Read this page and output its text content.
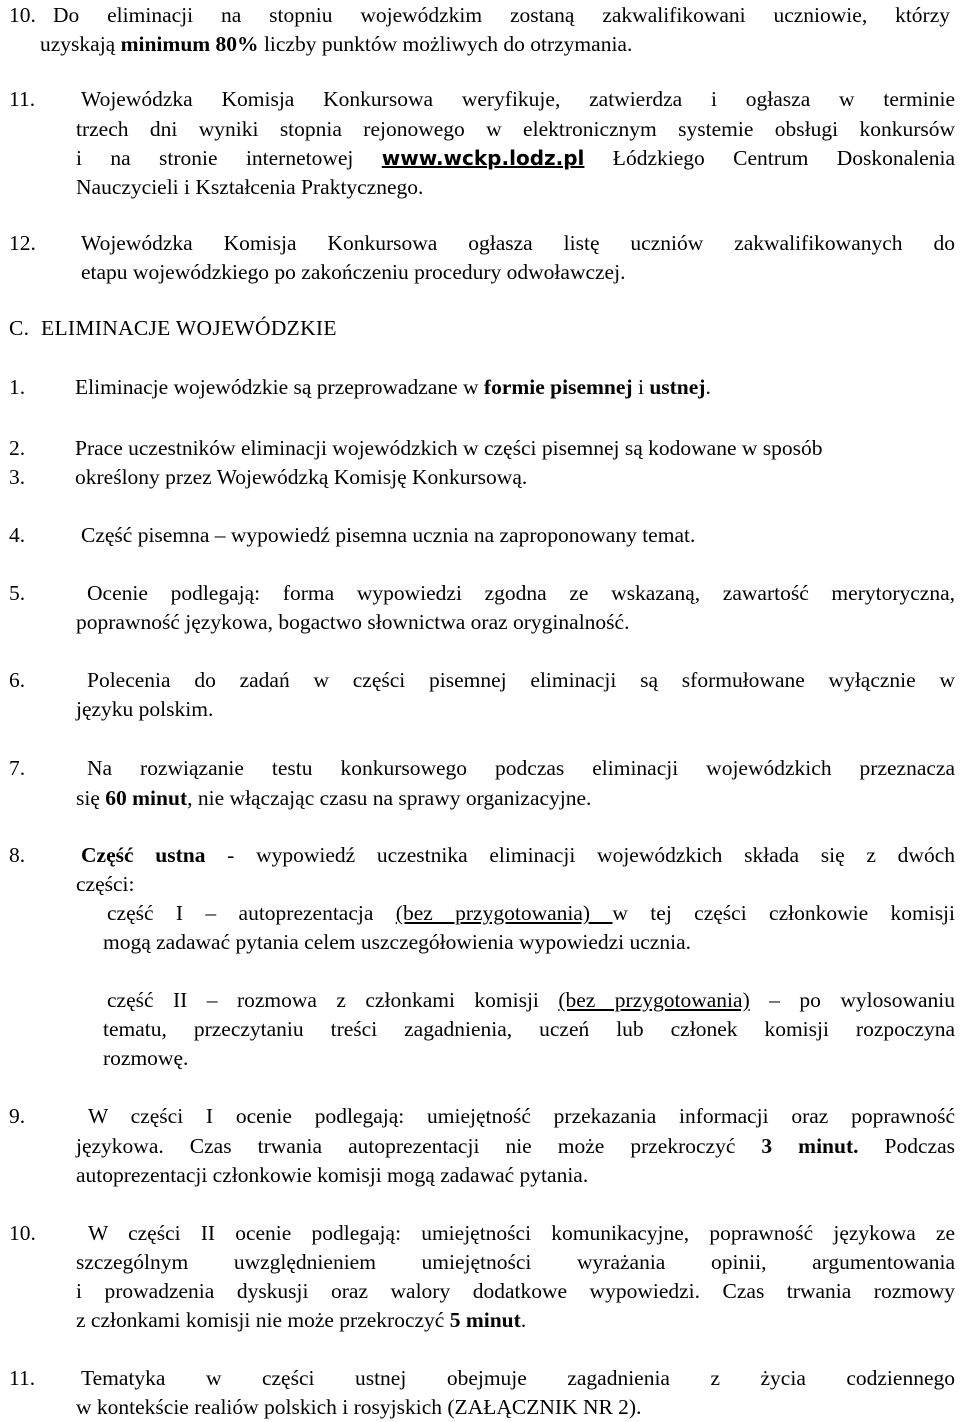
10. Do eliminacji na stopniu wojewódzkim zostaną zakwalifikowani uczniowie, którzy
uzyskają minimum 80% liczby punktów możliwych do otrzymania.
11. Wojewódzka Komisja Konkursowa weryfikuje, zatwierdza i ogłasza w terminie
trzech dni wyniki stopnia rejonowego w elektronicznym systemie obsługi konkursów
i na stronie internetowej www.wckp.lodz.pl Łódzkiego Centrum Doskonalenia
Nauczycieli i Kształcenia Praktycznego.
12. Wojewódzka Komisja Konkursowa ogłasza listę uczniów zakwalifikowanych do
etapu wojewódzkiego po zakończeniu procedury odwoławczej.
C. ELIMINACJE WOJEWÓDZKIE
1. Eliminacje wojewódzkie są przeprowadzane w formie pisemnej i ustnej.
2. Prace uczestników eliminacji wojewódzkich w części pisemnej są kodowane w sposób
3. określony przez Wojewódzką Komisję Konkursową.
4.	Część pisemna – wypowiedź pisemna ucznia na zaproponowany temat.
5.	Ocenie podlegają: forma wypowiedzi zgodna ze wskazaną, zawartość merytoryczna,
poprawność językowa, bogactwo słownictwa oraz oryginalność.
6.	Polecenia do zadań w części pisemnej eliminacji są sformułowane wyłącznie w
języku polskim.
7.	Na rozwiązanie testu konkursowego podczas eliminacji wojewódzkich przeznacza
się 60 minut, nie włączając czasu na sprawy organizacyjne.
8.	Część ustna - wypowiedź uczestnika eliminacji wojewódzkich składa się z dwóch
części:
część I – autoprezentacja (bez przygotowania) w tej części członkowie komisji
mogą zadawać pytania celem uszczegółowienia wypowiedzi ucznia.
część II – rozmowa z członkami komisji (bez przygotowania) – po wylosowaniu
tematu, przeczytaniu treści zagadnienia, uczeń lub członek komisji rozpoczyna
rozmowę.
9.	W części I ocenie podlegają: umiejętność przekazania informacji oraz poprawność
językowa. Czas trwania autoprezentacji nie może przekroczyć 3 minut. Podczas
autoprezentacji członkowie komisji mogą zadawać pytania.
10. W części II ocenie podlegają: umiejętności komunikacyjne, poprawność językowa ze
szczególnym uwzględnieniem umiejętności wyrażania opinii, argumentowania
i prowadzenia dyskusji oraz walory dodatkowe wypowiedzi. Czas trwania rozmowy
z członkami komisji nie może przekroczyć 5 minut.
11. Tematyka w części ustnej obejmuje zagadnienia z życia codziennego
w kontekście realiów polskich i rosyjskich (ZAŁĄCZNIK NR 2).
